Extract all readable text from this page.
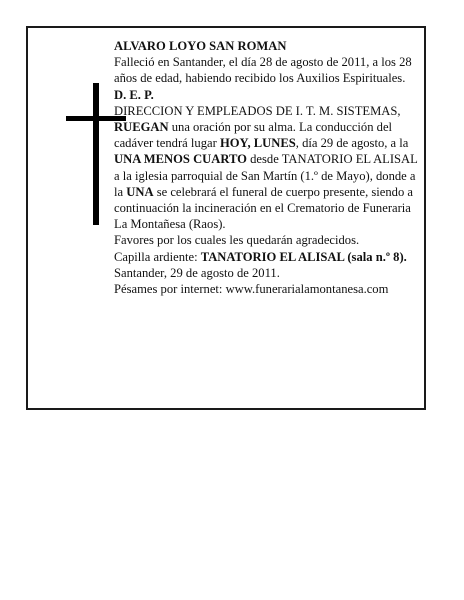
ALVARO LOYO SAN ROMAN

Falleció en Santander, el día 28 de agosto de 2011, a los 28 años de edad, habiendo recibido los Auxilios Espirituales.

D. E. P.

DIRECCION Y EMPLEADOS DE I. T. M. SISTEMAS,

RUEGAN una oración por su alma. La conducción del cadáver tendrá lugar HOY, LUNES, día 29 de agosto, a la UNA MENOS CUARTO desde TANATORIO EL ALISAL a la iglesia parroquial de San Martín (1.º de Mayo), donde a la UNA se celebrará el funeral de cuerpo presente, siendo a continuación la incineración en el Crematorio de Funeraria La Montañesa (Raos).

Favores por los cuales les quedarán agradecidos.

Capilla ardiente: TANATORIO EL ALISAL (sala n.º 8).

Santander, 29 de agosto de 2011.

Pésames por internet: www.funerarialamontanesa.com
